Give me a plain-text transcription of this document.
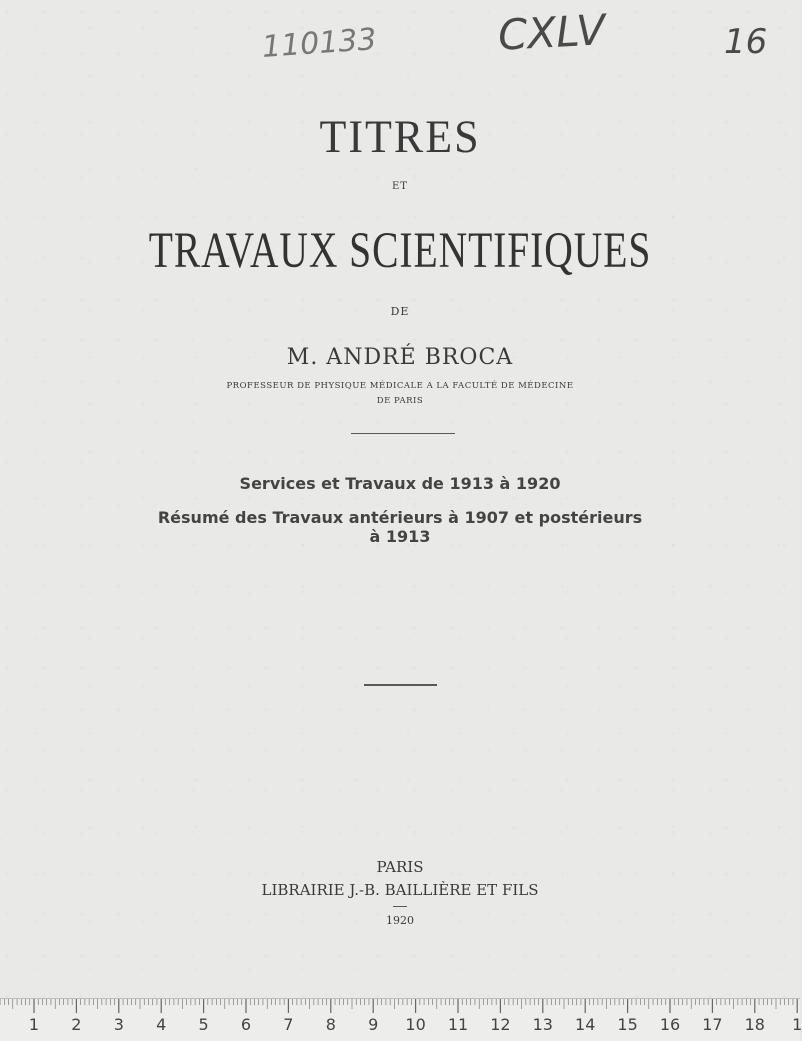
110133	CXLV	16
TITRES
ET
TRAVAUX SCIENTIFIQUES
DE
M. ANDRÉ BROCA
PROFESSEUR DE PHYSIQUE MÉDICALE A LA FACULTÉ DE MÉDECINE
DE PARIS
Services et Travaux de 1913 à 1920
Résumé des Travaux antérieurs à 1907 et postérieurs
à 1913
PARIS
LIBRAIRIE J.-B. BAILLIÈRE ET FILS
1920
1 2 3 4 5 6 7 8 9 10 11 12 13 14 15 16 17 18 1
